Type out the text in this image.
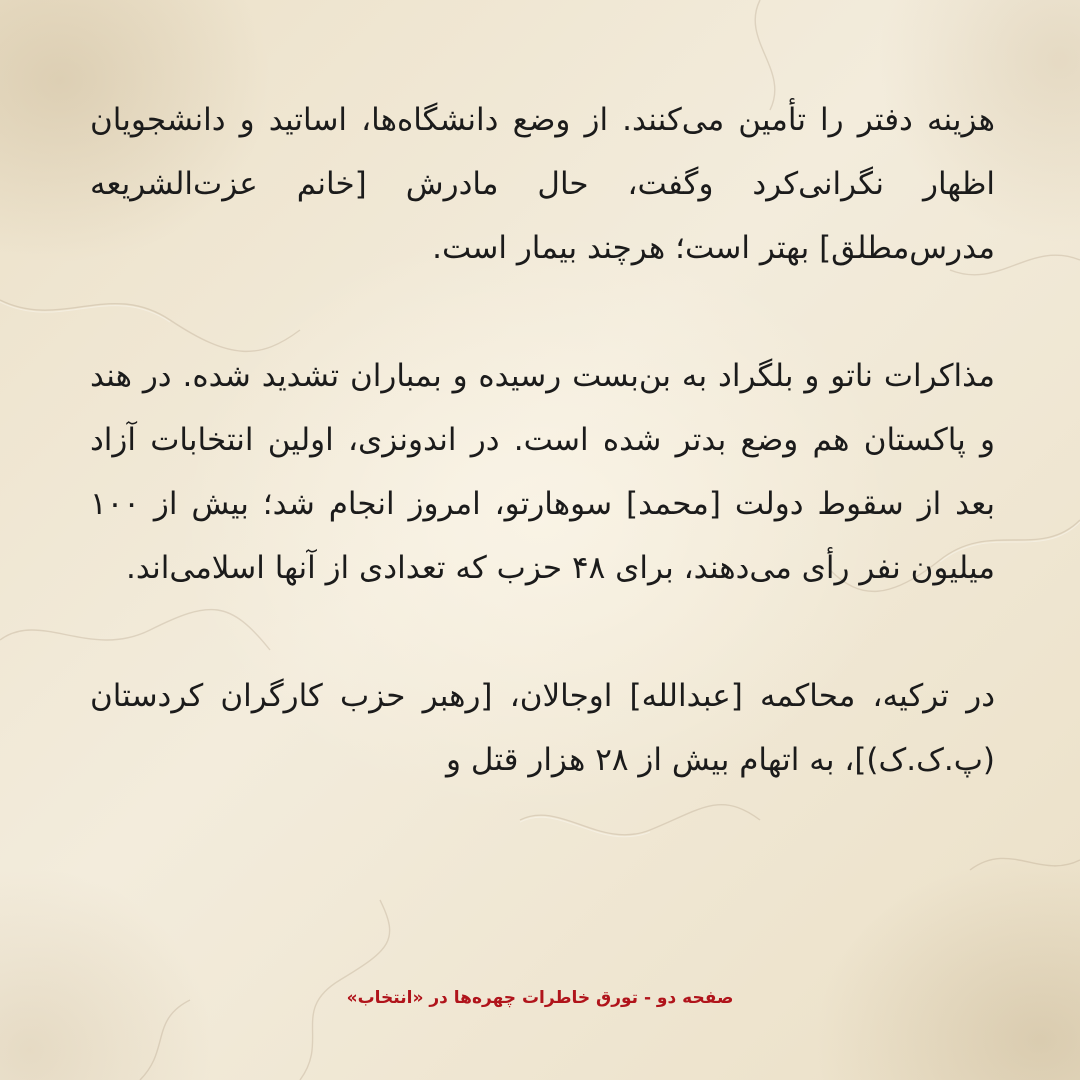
هزینه دفتر را تأمین می‌کنند. از وضع دانشگاه‌ها، اساتید و دانشجویان اظهار نگرانی‌کرد وگفت، حال مادرش [خانم عزت‌الشریعه مدرس‌مطلق] بهتر است؛ هرچند بیمار است.

مذاکرات ناتو و بلگراد به بن‌بست رسیده و بمباران تشدید شده. در هند و پاکستان هم وضع بدتر شده است. در اندونزی، اولین انتخابات آزاد بعد از سقوط دولت [محمد] سوهارتو، امروز انجام شد؛ بیش از ۱۰۰ میلیون نفر رأی می‌دهند، برای ۴۸ حزب که تعدادی از آنها اسلامی‌اند.

در ترکیه، محاکمه [عبدالله] اوجالان، [رهبر حزب کارگران کردستان (پ.ک.ک)]، به اتهام بیش از ۲۸ هزار قتل و

صفحه دو - تورق خاطرات چهره‌ها در «انتخاب»
